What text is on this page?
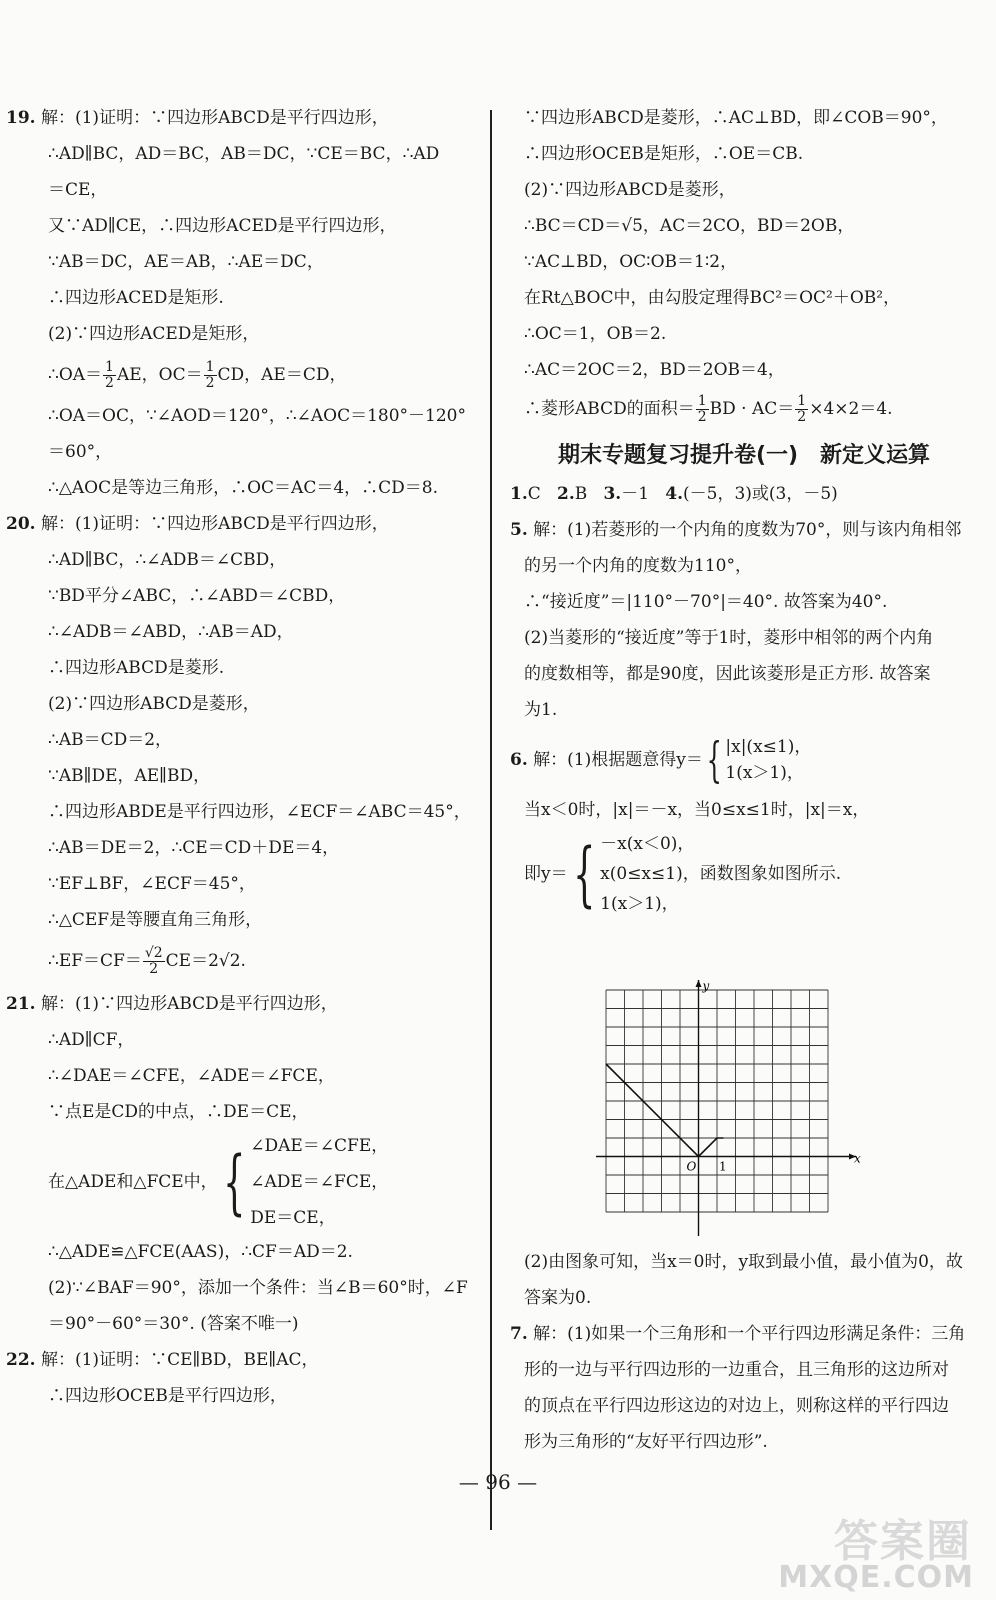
19. 解：(1)证明：∵四边形ABCD是平行四边形，
∴AD∥BC，AD＝BC，AB＝DC，∵CE＝BC，∴AD
＝CE，
又∵AD∥CE，∴四边形ACED是平行四边形，
∵AB＝DC，AE＝AB，∴AE＝DC，
∴四边形ACED是矩形.
(2)∵四边形ACED是矩形，
∴OA＝ $\frac{1}{2}$ AE，$OC= \frac{1}{2}$ CD，AE＝CD，
∴OA＝OC，∵∠AOD＝120°，∴∠AOC＝180°－120°
＝60°，
∴△AOC是等边三角形，∴OC＝AC＝4，∴CD＝8.
20. 解：(1)证明：∵四边形ABCD是平行四边形，
∴AD∥BC，∴∠ADB＝∠CBD，
∵BD平分∠ABC，∴∠ABD＝∠CBD，
∴∠ADB＝∠ABD，∴AB＝AD，
∴四边形ABCD是菱形.
(2)∵四边形ABCD是菱形，
∴AB＝CD＝2，
∵AB∥DE，AE∥BD，
∴四边形ABDE是平行四边形，∠ECF＝∠ABC＝45°，
∴AB＝DE＝2，∴CE＝CD＋DE＝4，
∵EF⊥BF，∠ECF＝45°，
∴△CEF是等腰直角三角形，
∴EF＝CF＝ $\frac{√2}{2} CE=2√2$.
21. 解：(1)∵四边形ABCD是平行四边形，
∴AD∥CF，
∴∠DAE＝∠CFE，∠ADE＝∠FCE，
∵点E是CD的中点，∴DE＝CE，
在△ADE和△FCE中， { ∠DAE＝∠CFE，
∠ADE＝∠FCE，
DE＝CE，
∴△ADE≌△FCE(AAS)，∴CF＝AD＝2.
(2)∵∠BAF＝90°，添加一个条件：当∠B＝60°时，∠F
＝90°－60°＝30°. (答案不唯一)
22. 解：(1)证明：∵CE∥BD，BE∥AC，
∴四边形OCEB是平行四边形，
∵四边形ABCD是菱形，∴AC⊥BD，即∠COB＝90°，
∴四边形OCEB是矩形，∴OE＝CB.
(2)∵四边形ABCD是菱形，
∴BC＝CD＝√5，AC＝2CO，BD＝2OB，
∵AC⊥BD，OC∶OB＝1∶2，
在Rt△BOC中，由勾股定理得BC²＝OC²＋OB²，
∴OC＝1，OB＝2.
∴AC＝2OC＝2，BD＝2OB＝4，
∴菱形ABCD的面积＝ $\frac{1}{2}$ BD · $AC= \frac{1}{2} \times 4\times 2=4$.
期末专题复习提升卷(一)　新定义运算
1.C 2.B 3.－1 4.(－5，3)或(3，－5)
5. 解：(1)若菱形的一个内角的度数为70°，则与该内角相邻
的另一个内角的度数为110°，
∴“接近度”＝|110°－70°|＝40°. 故答案为40°.
(2)当菱形的“接近度”等于1时，菱形中相邻的两个内角
的度数相等，都是90度，因此该菱形是正方形. 故答案
为1.
6.
解：(1)根据题意得y＝ { |x|(x≤1)，
1(x＞1)，
当x＜0时，|x|＝－x，当0≤x≤1时，|x|＝x，
即y＝ { －x(x＜0)，
x(0≤x≤1)，函数图象如图所示.
1(x＞1)，
y
x
O 1
(2)由图象可知，当x＝0时，y取到最小值，最小值为0，故
答案为0.
7. 解：(1)如果一个三角形和一个平行四边形满足条件：三角
形的一边与平行四边形的一边重合，且三角形的这边所对
的顶点在平行四边形这边的对边上，则称这样的平行四边
形为三角形的“友好平行四边形”.
— 96 —
答案圈
MXQE.COM
